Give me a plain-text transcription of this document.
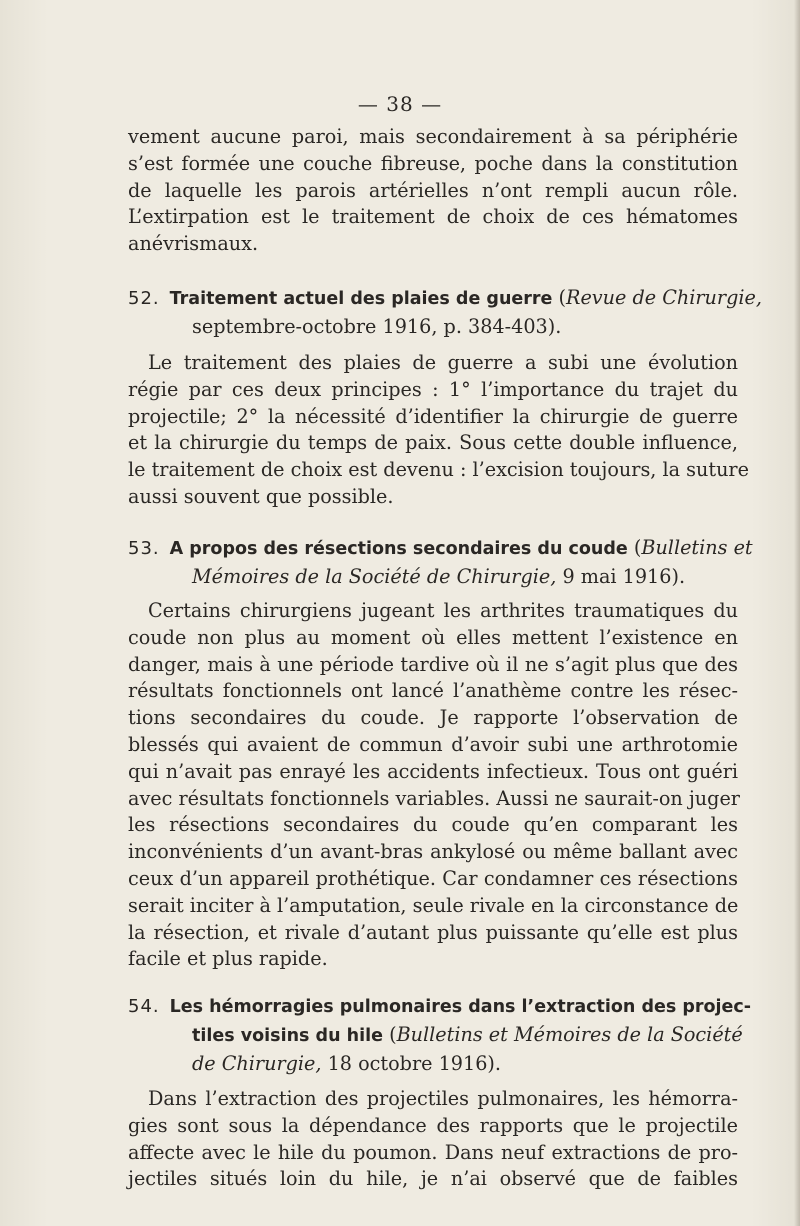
— 38 —
vement aucune paroi, mais secondairement à sa périphérie
s’est formée une couche fibreuse, poche dans la constitution
de laquelle les parois artérielles n’ont rempli aucun rôle.
L’extirpation est le traitement de choix de ces hématomes
anévrismaux.
52. Traitement actuel des plaies de guerre (Revue de Chirurgie,
septembre-octobre 1916, p. 384-403).
Le traitement des plaies de guerre a subi une évolution
régie par ces deux principes : 1° l’importance du trajet du
projectile; 2° la nécessité d’identifier la chirurgie de guerre
et la chirurgie du temps de paix. Sous cette double influence,
le traitement de choix est devenu : l’excision toujours, la suture
aussi souvent que possible.
53. A propos des résections secondaires du coude (Bulletins et
Mémoires de la Société de Chirurgie, 9 mai 1916).
Certains chirurgiens jugeant les arthrites traumatiques du
coude non plus au moment où elles mettent l’existence en
danger, mais à une période tardive où il ne s’agit plus que des
résultats fonctionnels ont lancé l’anathème contre les résec-
tions secondaires du coude. Je rapporte l’observation de
blessés qui avaient de commun d’avoir subi une arthrotomie
qui n’avait pas enrayé les accidents infectieux. Tous ont guéri
avec résultats fonctionnels variables. Aussi ne saurait-on juger
les résections secondaires du coude qu’en comparant les
inconvénients d’un avant-bras ankylosé ou même ballant avec
ceux d’un appareil prothétique. Car condamner ces résections
serait inciter à l’amputation, seule rivale en la circonstance de
la résection, et rivale d’autant plus puissante qu’elle est plus
facile et plus rapide.
54. Les hémorragies pulmonaires dans l’extraction des projec-
tiles voisins du hile (Bulletins et Mémoires de la Société
de Chirurgie, 18 octobre 1916).
Dans l’extraction des projectiles pulmonaires, les hémorra-
gies sont sous la dépendance des rapports que le projectile
affecte avec le hile du poumon. Dans neuf extractions de pro-
jectiles situés loin du hile, je n’ai observé que de faibles
